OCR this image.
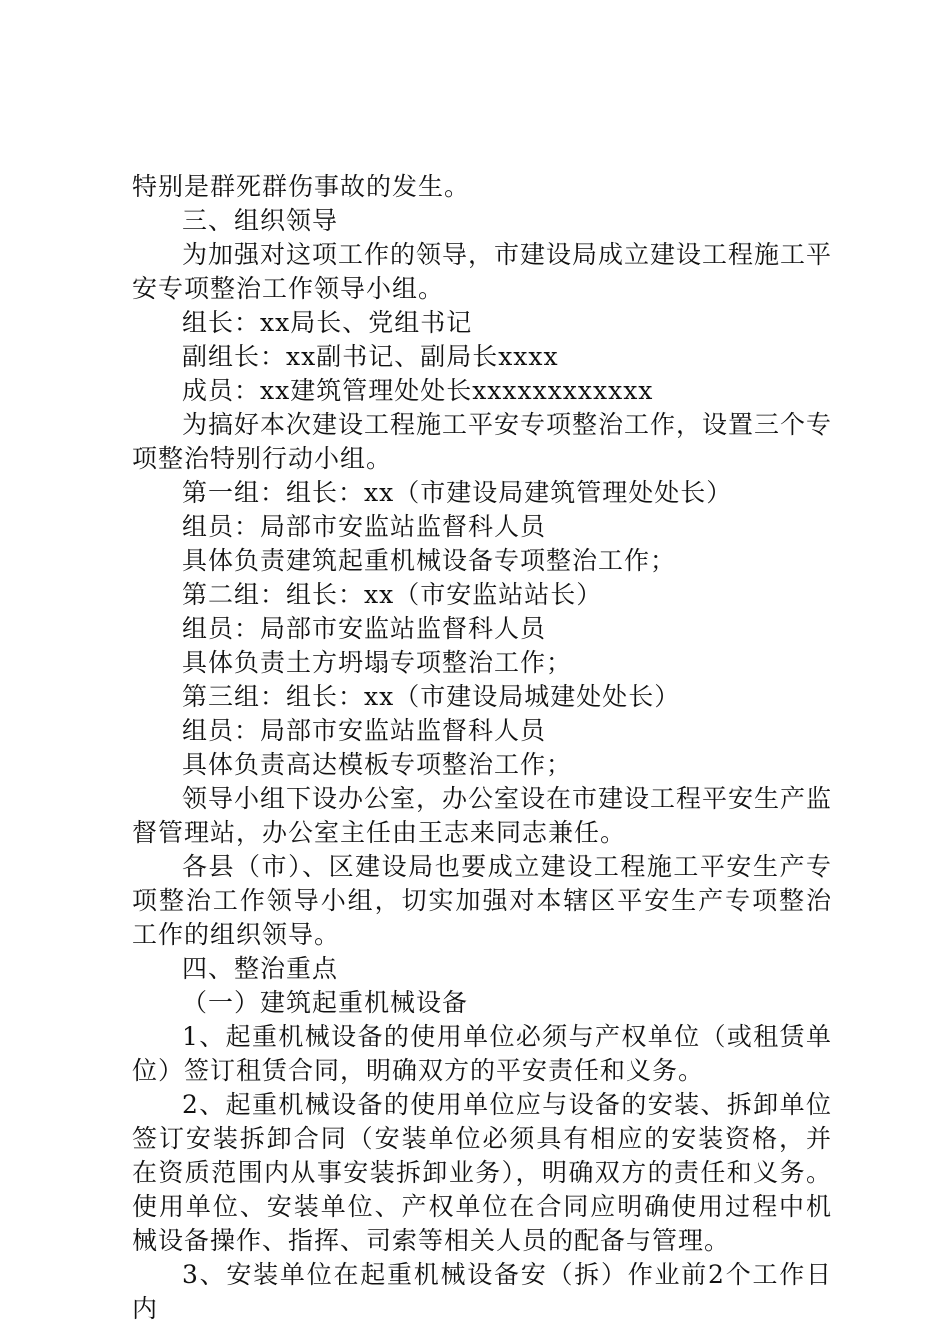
特别是群死群伤事故的发生。

三、组织领导

为加强对这项工作的领导，市建设局成立建设工程施工平安专项整治工作领导小组。

组长：xx局长、党组书记

副组长：xx副书记、副局长xxxx

成员：xx建筑管理处处长xxxxxxxxxxxx

为搞好本次建设工程施工平安专项整治工作，设置三个专项整治特别行动小组。

第一组：组长：xx（市建设局建筑管理处处长）

组员：局部市安监站监督科人员

具体负责建筑起重机械设备专项整治工作；

第二组：组长：xx（市安监站站长）

组员：局部市安监站监督科人员

具体负责土方坍塌专项整治工作；

第三组：组长：xx（市建设局城建处处长）

组员：局部市安监站监督科人员

具体负责高达模板专项整治工作；

领导小组下设办公室，办公室设在市建设工程平安生产监督管理站，办公室主任由王志来同志兼任。

各县（市）、区建设局也要成立建设工程施工平安生产专项整治工作领导小组，切实加强对本辖区平安生产专项整治工作的组织领导。

四、整治重点

（一）建筑起重机械设备

1、起重机械设备的使用单位必须与产权单位（或租赁单位）签订租赁合同，明确双方的平安责任和义务。

2、起重机械设备的使用单位应与设备的安装、拆卸单位签订安装拆卸合同（安装单位必须具有相应的安装资格，并在资质范围内从事安装拆卸业务），明确双方的责任和义务。使用单位、安装单位、产权单位在合同应明确使用过程中机械设备操作、指挥、司索等相关人员的配备与管理。

3、安装单位在起重机械设备安（拆）作业前2个工作日内
